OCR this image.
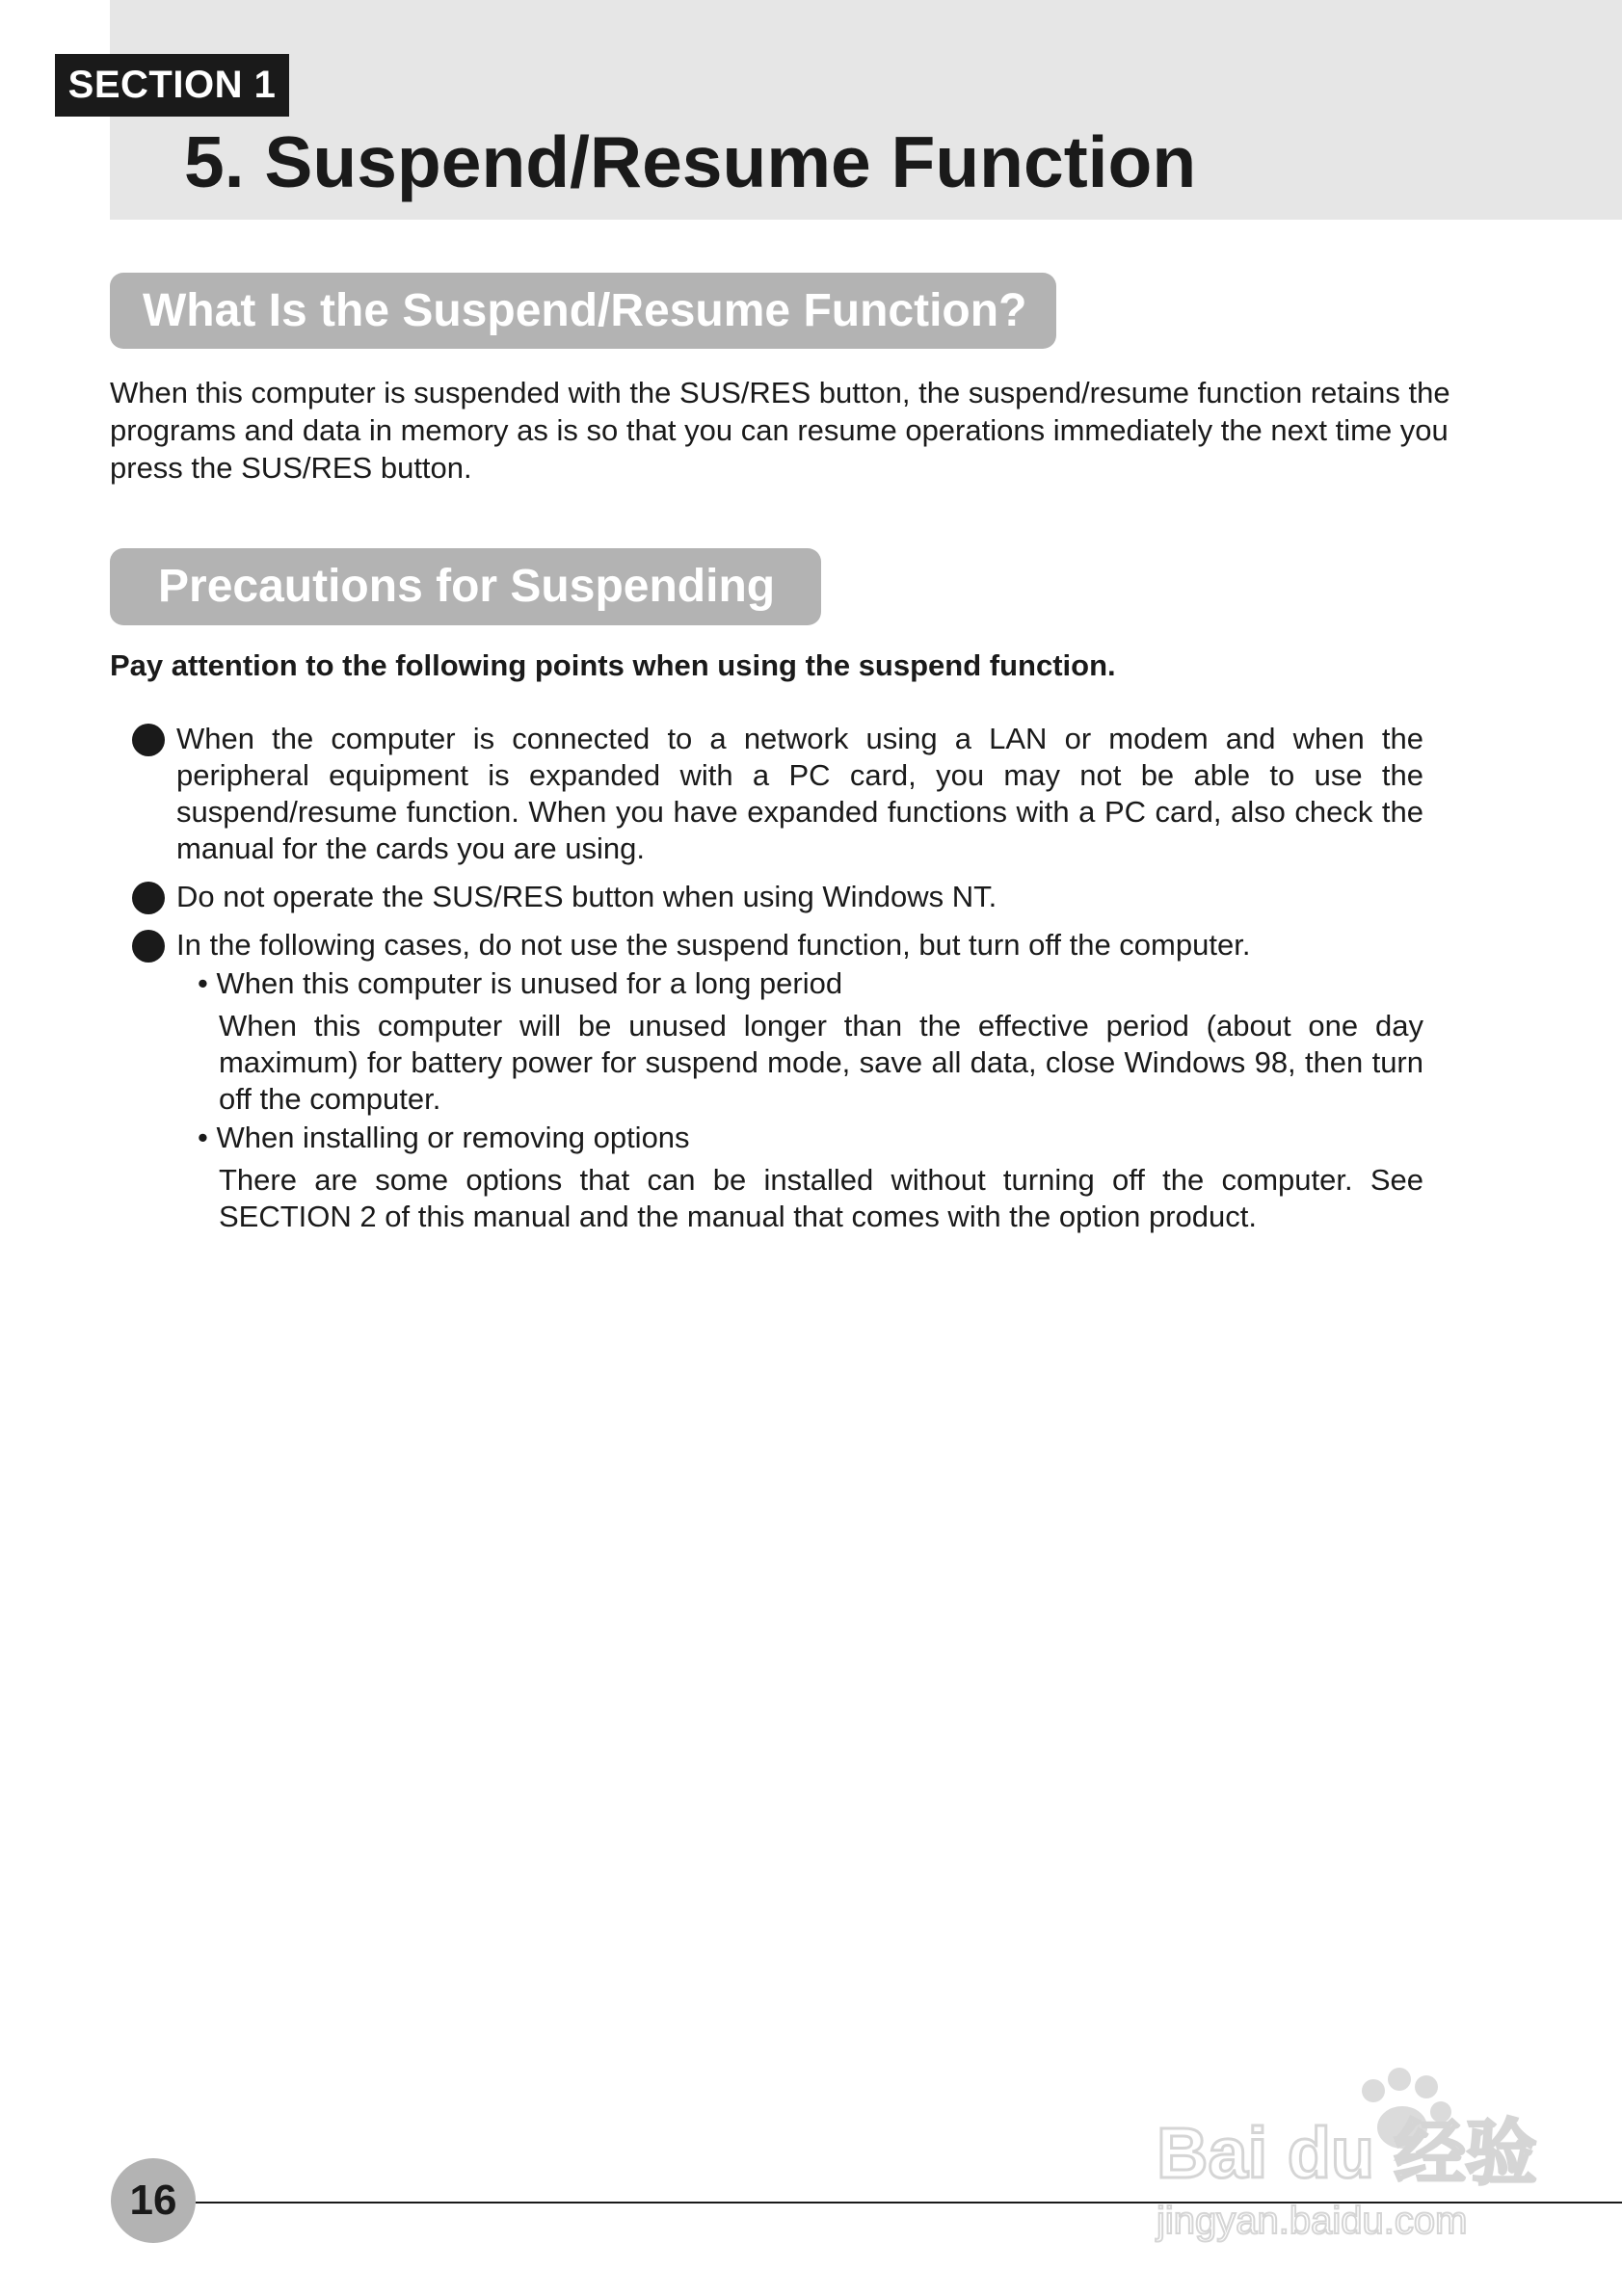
SECTION 1
5. Suspend/Resume Function
What Is the Suspend/Resume Function?

When this computer is suspended with the SUS/RES button, the suspend/resume function retains the programs and data in memory as is so that you can resume operations immediately the next time you press the SUS/RES button.

Precautions for Suspending

Pay attention to the following points when using the suspend function.

When the computer is connected to a network using a LAN or modem and when the peripheral equipment is expanded with a PC card, you may not be able to use the suspend/resume function. When you have expanded functions with a PC card, also check the manual for the cards you are using.
Do not operate the SUS/RES button when using Windows NT.
In the following cases, do not use the suspend function, but turn off the computer.
• When this computer is unused for a long period
When this computer will be unused longer than the effective period (about one day maximum) for battery power for suspend mode, save all data, close Windows 98, then turn off the computer.
• When installing or removing options
There are some options that can be installed without turning off the computer. See SECTION 2 of this manual and the manual that comes with the option product.
16
Bai du 经验
jingyan.baidu.com
